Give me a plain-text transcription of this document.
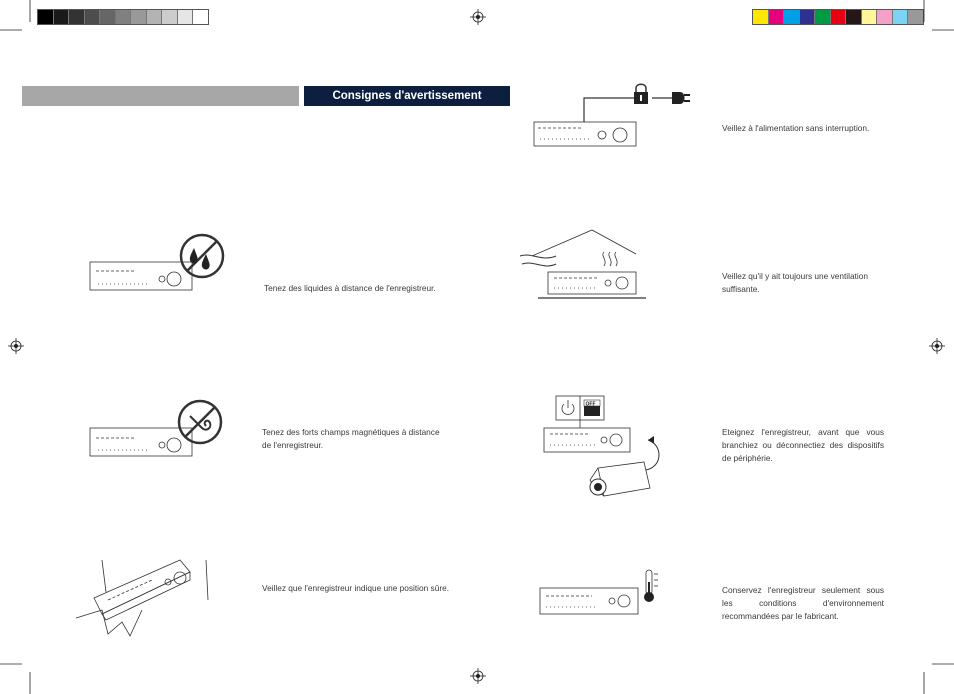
Consignes d'avertissement
Tenez des liquides à distance de l'enregistreur.
Tenez des forts champs magnétiques à distance de l'enregistreur.
Veillez que l'enregistreur indique une position sûre.
Veillez à l'alimentation sans interruption.
Veillez qu'il y ait toujours une ventilation suffisante.
OFF
Eteignez l'enregistreur, avant que vous branchiez ou déconnectiez des dispositifs de périphérie.
Conservez l'enregistreur seulement sous les conditions d'environnement recommandées par le fabricant.
